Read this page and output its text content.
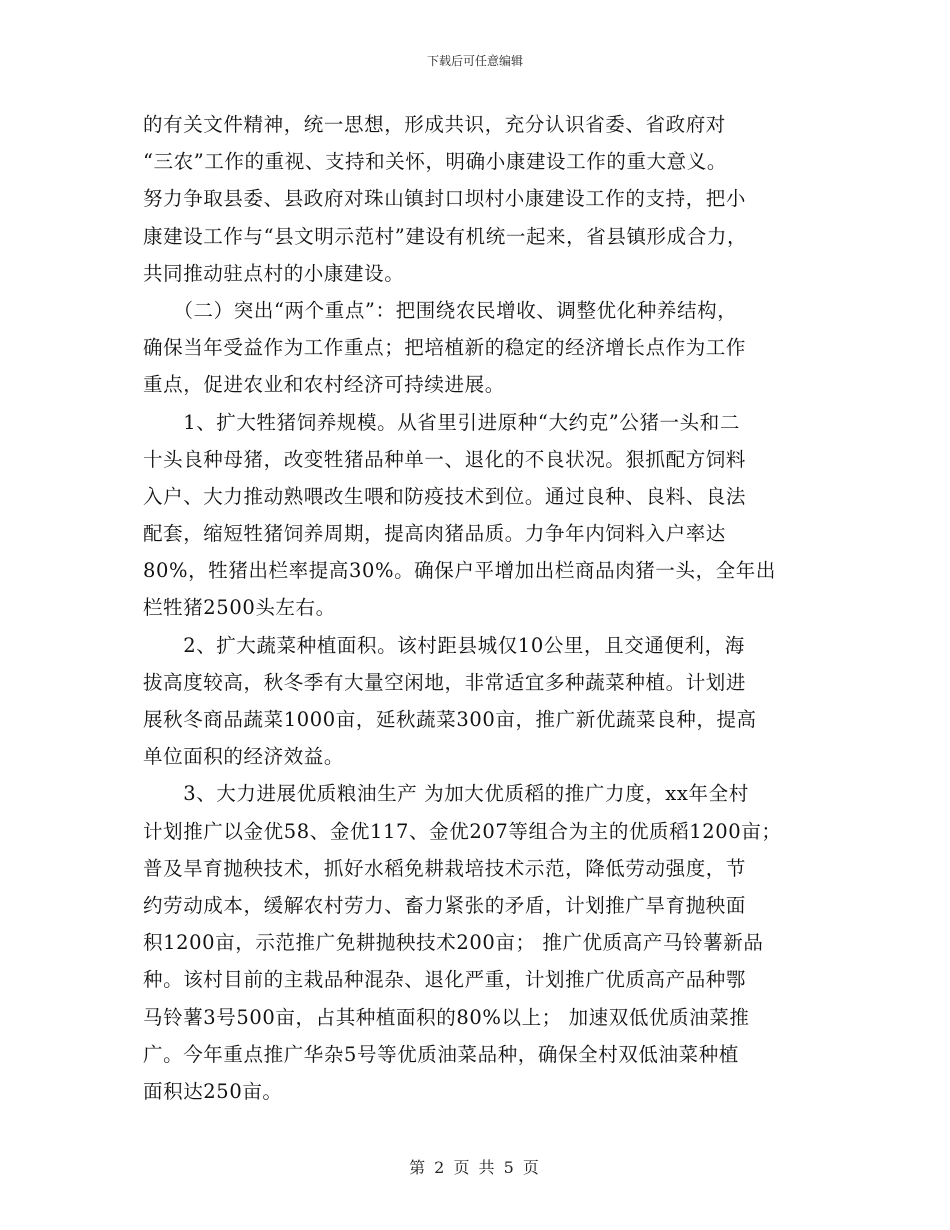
下载后可任意编辑
的有关文件精神，统一思想，形成共识，充分认识省委、省政府对
“三农”工作的重视、支持和关怀，明确小康建设工作的重大意义。
努力争取县委、县政府对珠山镇封口坝村小康建设工作的支持，把小
康建设工作与“县文明示范村”建设有机统一起来，省县镇形成合力，
共同推动驻点村的小康建设。
　　（二）突出“两个重点”：把围绕农民增收、调整优化种养结构，
确保当年受益作为工作重点；把培植新的稳定的经济增长点作为工作
重点，促进农业和农村经济可持续进展。
　　1、扩大牲猪饲养规模。从省里引进原种“大约克”公猪一头和二
十头良种母猪，改变牲猪品种单一、退化的不良状况。狠抓配方饲料
入户、大力推动熟喂改生喂和防疫技术到位。通过良种、良料、良法
配套，缩短牲猪饲养周期，提高肉猪品质。力争年内饲料入户率达
80%，牲猪出栏率提高30%。确保户平增加出栏商品肉猪一头，全年出
栏牲猪2500头左右。
　　2、扩大蔬菜种植面积。该村距县城仅10公里，且交通便利，海
拔高度较高，秋冬季有大量空闲地，非常适宜多种蔬菜种植。计划进
展秋冬商品蔬菜1000亩，延秋蔬菜300亩，推广新优蔬菜良种，提高
单位面积的经济效益。
　　3、大力进展优质粮油生产 为加大优质稻的推广力度，xx年全村
计划推广以金优58、金优117、金优207等组合为主的优质稻1200亩；
普及旱育抛秧技术，抓好水稻免耕栽培技术示范，降低劳动强度，节
约劳动成本，缓解农村劳力、畜力紧张的矛盾，计划推广旱育抛秧面
积1200亩，示范推广免耕抛秧技术200亩； 推广优质高产马铃薯新品
种。该村目前的主栽品种混杂、退化严重，计划推广优质高产品种鄂
马铃薯3号500亩，占其种植面积的80%以上； 加速双低优质油菜推
广。今年重点推广华杂5号等优质油菜品种，确保全村双低油菜种植
面积达250亩。
第 2 页 共 5 页
